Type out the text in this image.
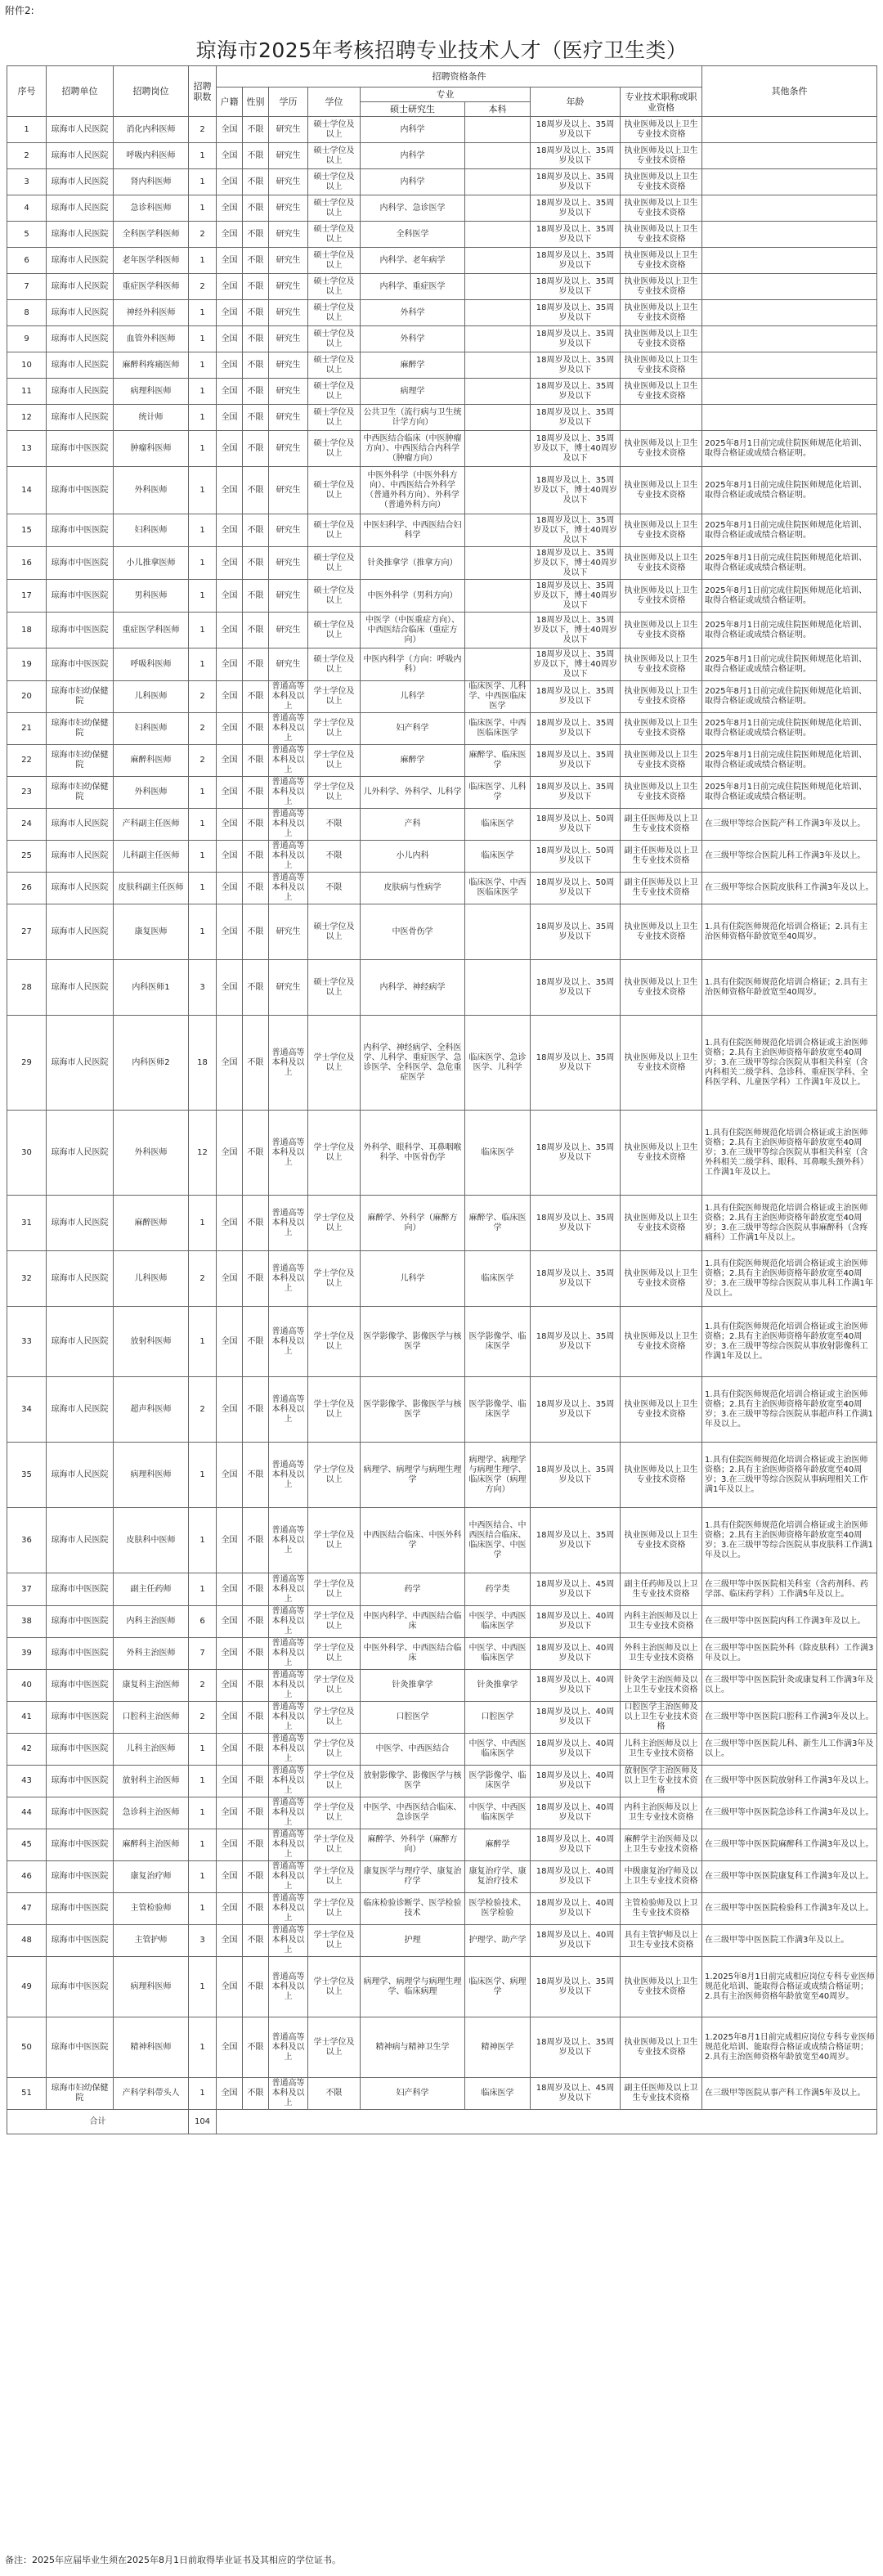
附件2:
琼海市2025年考核招聘专业技术人才（医疗卫生类）
序号	招聘单位	招聘岗位	招聘职数	招聘资格条件								其他条件
				户籍	性别	学历	学位	专业		年龄	专业技术职称或职业资格	
								硕士研究生	本科			
1	琼海市人民医院	消化内科医师	2	全国	不限	研究生	硕士学位及以上	内科学		18周岁及以上、35周岁及以下	执业医师及以上卫生专业技术资格	
2	琼海市人民医院	呼吸内科医师	1	全国	不限	研究生	硕士学位及以上	内科学		18周岁及以上、35周岁及以下	执业医师及以上卫生专业技术资格	
3	琼海市人民医院	肾内科医师	1	全国	不限	研究生	硕士学位及以上	内科学		18周岁及以上、35周岁及以下	执业医师及以上卫生专业技术资格	
4	琼海市人民医院	急诊科医师	1	全国	不限	研究生	硕士学位及以上	内科学、急诊医学		18周岁及以上、35周岁及以下	执业医师及以上卫生专业技术资格	
5	琼海市人民医院	全科医学科医师	2	全国	不限	研究生	硕士学位及以上	全科医学		18周岁及以上、35周岁及以下	执业医师及以上卫生专业技术资格	
6	琼海市人民医院	老年医学科医师	1	全国	不限	研究生	硕士学位及以上	内科学、老年病学		18周岁及以上、35周岁及以下	执业医师及以上卫生专业技术资格	
7	琼海市人民医院	重症医学科医师	2	全国	不限	研究生	硕士学位及以上	内科学、重症医学		18周岁及以上、35周岁及以下	执业医师及以上卫生专业技术资格	
8	琼海市人民医院	神经外科医师	1	全国	不限	研究生	硕士学位及以上	外科学		18周岁及以上、35周岁及以下	执业医师及以上卫生专业技术资格	
9	琼海市人民医院	血管外科医师	1	全国	不限	研究生	硕士学位及以上	外科学		18周岁及以上、35周岁及以下	执业医师及以上卫生专业技术资格	
10	琼海市人民医院	麻醉科疼痛医师	1	全国	不限	研究生	硕士学位及以上	麻醉学		18周岁及以上、35周岁及以下	执业医师及以上卫生专业技术资格	
11	琼海市人民医院	病理科医师	1	全国	不限	研究生	硕士学位及以上	病理学		18周岁及以上、35周岁及以下	执业医师及以上卫生专业技术资格	
12	琼海市人民医院	统计师	1	全国	不限	研究生	硕士学位及以上	公共卫生（流行病与卫生统计学方向）		18周岁及以上、35周岁及以下		
13	琼海市中医医院	肿瘤科医师	1	全国	不限	研究生	硕士学位及以上	中西医结合临床（中医肿瘤方向）、中西医结合内科学（肿瘤方向）		18周岁及以上、35周岁及以下，博士40周岁及以下	执业医师及以上卫生专业技术资格	2025年8月1日前完成住院医师规范化培训、取得合格证或成绩合格证明。
14	琼海市中医医院	外科医师	1	全国	不限	研究生	硕士学位及以上	中医外科学（中医外科方向）、中西医结合外科学（普通外科方向）、外科学（普通外科方向）		18周岁及以上、35周岁及以下，博士40周岁及以下	执业医师及以上卫生专业技术资格	2025年8月1日前完成住院医师规范化培训、取得合格证或成绩合格证明。
15	琼海市中医医院	妇科医师	1	全国	不限	研究生	硕士学位及以上	中医妇科学、中西医结合妇科学		18周岁及以上、35周岁及以下，博士40周岁及以下	执业医师及以上卫生专业技术资格	2025年8月1日前完成住院医师规范化培训、取得合格证或成绩合格证明。
16	琼海市中医医院	小儿推拿医师	1	全国	不限	研究生	硕士学位及以上	针灸推拿学（推拿方向）		18周岁及以上、35周岁及以下，博士40周岁及以下	执业医师及以上卫生专业技术资格	2025年8月1日前完成住院医师规范化培训、取得合格证或成绩合格证明。
17	琼海市中医医院	男科医师	1	全国	不限	研究生	硕士学位及以上	中医外科学（男科方向）		18周岁及以上、35周岁及以下，博士40周岁及以下	执业医师及以上卫生专业技术资格	2025年8月1日前完成住院医师规范化培训、取得合格证或成绩合格证明。
18	琼海市中医医院	重症医学科医师	1	全国	不限	研究生	硕士学位及以上	中医学（中医重症方向）、中西医结合临床（重症方向）		18周岁及以上、35周岁及以下，博士40周岁及以下	执业医师及以上卫生专业技术资格	2025年8月1日前完成住院医师规范化培训、取得合格证或成绩合格证明。
19	琼海市中医医院	呼吸科医师	1	全国	不限	研究生	硕士学位及以上	中医内科学（方向：呼吸内科）		18周岁及以上、35周岁及以下，博士40周岁及以下	执业医师及以上卫生专业技术资格	2025年8月1日前完成住院医师规范化培训、取得合格证或成绩合格证明。
20	琼海市妇幼保健院	儿科医师	2	全国	不限	普通高等本科及以上	学士学位及以上	儿科学	临床医学、儿科学、中西医临床医学	18周岁及以上、35周岁及以下	执业医师及以上卫生专业技术资格	2025年8月1日前完成住院医师规范化培训、取得合格证或成绩合格证明。
21	琼海市妇幼保健院	妇科医师	2	全国	不限	普通高等本科及以上	学士学位及以上	妇产科学	临床医学、中西医临床医学	18周岁及以上、35周岁及以下	执业医师及以上卫生专业技术资格	2025年8月1日前完成住院医师规范化培训、取得合格证或成绩合格证明。
22	琼海市妇幼保健院	麻醉科医师	2	全国	不限	普通高等本科及以上	学士学位及以上	麻醉学	麻醉学、临床医学	18周岁及以上、35周岁及以下	执业医师及以上卫生专业技术资格	2025年8月1日前完成住院医师规范化培训、取得合格证或成绩合格证明。
23	琼海市妇幼保健院	外科医师	1	全国	不限	普通高等本科及以上	学士学位及以上	儿外科学、外科学、儿科学	临床医学、儿科学	18周岁及以上、35周岁及以下	执业医师及以上卫生专业技术资格	2025年8月1日前完成住院医师规范化培训、取得合格证或成绩合格证明。
24	琼海市人民医院	产科副主任医师	1	全国	不限	普通高等本科及以上	不限	产科	临床医学	18周岁及以上、50周岁及以下	副主任医师及以上卫生专业技术资格	在三级甲等综合医院产科工作满3年及以上。
25	琼海市人民医院	儿科副主任医师	1	全国	不限	普通高等本科及以上	不限	小儿内科	临床医学	18周岁及以上、50周岁及以下	副主任医师及以上卫生专业技术资格	在三级甲等综合医院儿科工作满3年及以上。
26	琼海市人民医院	皮肤科副主任医师	1	全国	不限	普通高等本科及以上	不限	皮肤病与性病学	临床医学、中西医临床医学	18周岁及以上、50周岁及以下	副主任医师及以上卫生专业技术资格	在三级甲等综合医院皮肤科工作满3年及以上。
27	琼海市人民医院	康复医师	1	全国	不限	研究生	硕士学位及以上	中医骨伤学		18周岁及以上、35周岁及以下	执业医师及以上卫生专业技术资格	1.具有住院医师规范化培训合格证；2.具有主治医师资格年龄放宽至40周岁。
28	琼海市人民医院	内科医师1	3	全国	不限	研究生	硕士学位及以上	内科学、神经病学		18周岁及以上、35周岁及以下	执业医师及以上卫生专业技术资格	1.具有住院医师规范化培训合格证；2.具有主治医师资格年龄放宽至40周岁。
29	琼海市人民医院	内科医师2	18	全国	不限	普通高等本科及以上	学士学位及以上	内科学、神经病学、全科医学、儿科学、重症医学、急诊医学、全科医学、急危重症医学	临床医学、急诊医学、儿科学	18周岁及以上、35周岁及以下	执业医师及以上卫生专业技术资格	1.具有住院医师规范化培训合格证或主治医师资格；2.具有主治医师资格年龄放宽至40周岁；3.在三级甲等综合医院从事相关科室（含内科相关二级学科、急诊科、重症医学科、全科医学科、儿童医学科）工作满1年及以上。
30	琼海市人民医院	外科医师	12	全国	不限	普通高等本科及以上	学士学位及以上	外科学、眼科学、耳鼻咽喉科学、中医骨伤学	临床医学	18周岁及以上、35周岁及以下	执业医师及以上卫生专业技术资格	1.具有住院医师规范化培训合格证或主治医师资格；2.具有主治医师资格年龄放宽至40周岁；3.在三级甲等综合医院从事相关科室（含外科相关二级学科、眼科、耳鼻喉头颈外科）工作满1年及以上。
31	琼海市人民医院	麻醉医师	1	全国	不限	普通高等本科及以上	学士学位及以上	麻醉学、外科学（麻醉方向）	麻醉学、临床医学	18周岁及以上、35周岁及以下	执业医师及以上卫生专业技术资格	1.具有住院医师规范化培训合格证或主治医师资格；2.具有主治医师资格年龄放宽至40周岁；3.在三级甲等综合医院从事麻醉科（含疼痛科）工作满1年及以上。
32	琼海市人民医院	儿科医师	2	全国	不限	普通高等本科及以上	学士学位及以上	儿科学	临床医学	18周岁及以上、35周岁及以下	执业医师及以上卫生专业技术资格	1.具有住院医师规范化培训合格证或主治医师资格；2.具有主治医师资格年龄放宽至40周岁；3.在三级甲等综合医院从事儿科工作满1年及以上。
33	琼海市人民医院	放射科医师	1	全国	不限	普通高等本科及以上	学士学位及以上	医学影像学、影像医学与核医学	医学影像学、临床医学	18周岁及以上、35周岁及以下	执业医师及以上卫生专业技术资格	1.具有住院医师规范化培训合格证或主治医师资格；2.具有主治医师资格年龄放宽至40周岁；3.在三级甲等综合医院从事放射影像科工作满1年及以上。
34	琼海市人民医院	超声科医师	2	全国	不限	普通高等本科及以上	学士学位及以上	医学影像学、影像医学与核医学	医学影像学、临床医学	18周岁及以上、35周岁及以下	执业医师及以上卫生专业技术资格	1.具有住院医师规范化培训合格证或主治医师资格；2.具有主治医师资格年龄放宽至40周岁；3.在三级甲等综合医院从事超声科工作满1年及以上。
35	琼海市人民医院	病理科医师	1	全国	不限	普通高等本科及以上	学士学位及以上	病理学、病理学与病理生理学	病理学、病理学与病理生理学、临床医学（病理方向）	18周岁及以上、35周岁及以下	执业医师及以上卫生专业技术资格	1.具有住院医师规范化培训合格证或主治医师资格；2.具有主治医师资格年龄放宽至40周岁；3.在三级甲等综合医院从事病理相关工作满1年及以上。
36	琼海市人民医院	皮肤科中医师	1	全国	不限	普通高等本科及以上	学士学位及以上	中西医结合临床、中医外科学	中西医结合、中西医结合临床、临床医学、中医学	18周岁及以上、35周岁及以下	执业医师及以上卫生专业技术资格	1.具有住院医师规范化培训合格证或主治医师资格；2.具有主治医师资格年龄放宽至40周岁；3.在三级甲等综合医院从事皮肤科工作满1年及以上。
37	琼海市中医医院	副主任药师	1	全国	不限	普通高等本科及以上	学士学位及以上	药学	药学类	18周岁及以上、45周岁及以下	副主任药师及以上卫生专业技术资格	在三级甲等中医医院相关科室（含药剂科、药学部、临床药学科）工作满5年及以上。
38	琼海市中医医院	内科主治医师	6	全国	不限	普通高等本科及以上	学士学位及以上	中医内科学、中西医结合临床	中医学、中西医临床医学	18周岁及以上、40周岁及以下	内科主治医师及以上卫生专业技术资格	在三级甲等中医医院内科工作满3年及以上。
39	琼海市中医医院	外科主治医师	7	全国	不限	普通高等本科及以上	学士学位及以上	中医外科学、中西医结合临床	中医学、中西医临床医学	18周岁及以上、40周岁及以下	外科主治医师及以上卫生专业技术资格	在三级甲等中医医院外科（除皮肤科）工作满3年及以上。
40	琼海市中医医院	康复科主治医师	2	全国	不限	普通高等本科及以上	学士学位及以上	针灸推拿学	针灸推拿学	18周岁及以上、40周岁及以下	针灸学主治医师及以上卫生专业技术资格	在三级甲等中医医院针灸或康复科工作满3年及以上。
41	琼海市中医医院	口腔科主治医师	2	全国	不限	普通高等本科及以上	学士学位及以上	口腔医学	口腔医学	18周岁及以上、40周岁及以下	口腔医学主治医师及以上卫生专业技术资格	在三级甲等中医医院口腔科工作满3年及以上。
42	琼海市中医医院	儿科主治医师	1	全国	不限	普通高等本科及以上	学士学位及以上	中医学、中西医结合	中医学、中西医临床医学	18周岁及以上、40周岁及以下	儿科主治医师及以上卫生专业技术资格	在三级甲等中医医院儿科、新生儿工作满3年及以上。
43	琼海市中医医院	放射科主治医师	1	全国	不限	普通高等本科及以上	学士学位及以上	放射影像学、影像医学与核医学	医学影像学、临床医学	18周岁及以上、40周岁及以下	放射医学主治医师及以上卫生专业技术资格	在三级甲等中医医院放射科工作满3年及以上。
44	琼海市中医医院	急诊科主治医师	1	全国	不限	普通高等本科及以上	学士学位及以上	中医学、中西医结合临床、急诊医学	中医学、中西医临床医学	18周岁及以上、40周岁及以下	内科主治医师及以上卫生专业技术资格	在三级甲等中医医院急诊科工作满3年及以上。
45	琼海市中医医院	麻醉科主治医师	1	全国	不限	普通高等本科及以上	学士学位及以上	麻醉学、外科学（麻醉方向）	麻醉学	18周岁及以上、40周岁及以下	麻醉学主治医师及以上卫生专业技术资格	在三级甲等中医医院麻醉科工作满3年及以上。
46	琼海市中医医院	康复治疗师	1	全国	不限	普通高等本科及以上	学士学位及以上	康复医学与理疗学、康复治疗学	康复治疗学、康复治疗技术	18周岁及以上、40周岁及以下	中级康复治疗师及以上卫生专业技术资格	在三级甲等中医医院康复科工作满3年及以上。
47	琼海市中医医院	主管检验师	1	全国	不限	普通高等本科及以上	学士学位及以上	临床检验诊断学、医学检验技术	医学检验技术、医学检验	18周岁及以上、40周岁及以下	主管检验师及以上卫生专业技术资格	在三级甲等中医医院检验科工作满3年及以上。
48	琼海市中医医院	主管护师	3	全国	不限	普通高等本科及以上	学士学位及以上	护理	护理学、助产学	18周岁及以上、40周岁及以下	具有主管护师及以上卫生专业技术资格	在三级甲等中医医院工作满3年及以上。
49	琼海市中医医院	病理科医师	1	全国	不限	普通高等本科及以上	学士学位及以上	病理学、病理学与病理生理学、临床病理	临床医学、病理学	18周岁及以上、35周岁及以下	执业医师及以上卫生专业技术资格	1.2025年8月1日前完成相应岗位专科专业医师规范化培训、能取得合格证或成绩合格证明；2.具有主治医师资格年龄放宽至40周岁。
50	琼海市中医医院	精神科医师	1	全国	不限	普通高等本科及以上	学士学位及以上	精神病与精神卫生学	精神医学	18周岁及以上、35周岁及以下	执业医师及以上卫生专业技术资格	1.2025年8月1日前完成相应岗位专科专业医师规范化培训、能取得合格证或成绩合格证明；2.具有主治医师资格年龄放宽至40周岁。
51	琼海市妇幼保健院	产科学科带头人	1	全国	不限	普通高等本科及以上	不限	妇产科学	临床医学	18周岁及以上、45周岁及以下	副主任医师及以上卫生专业技术资格	在三级甲等医院从事产科工作满5年及以上。
合计			104									
备注：2025年应届毕业生须在2025年8月1日前取得毕业证书及其相应的学位证书。
